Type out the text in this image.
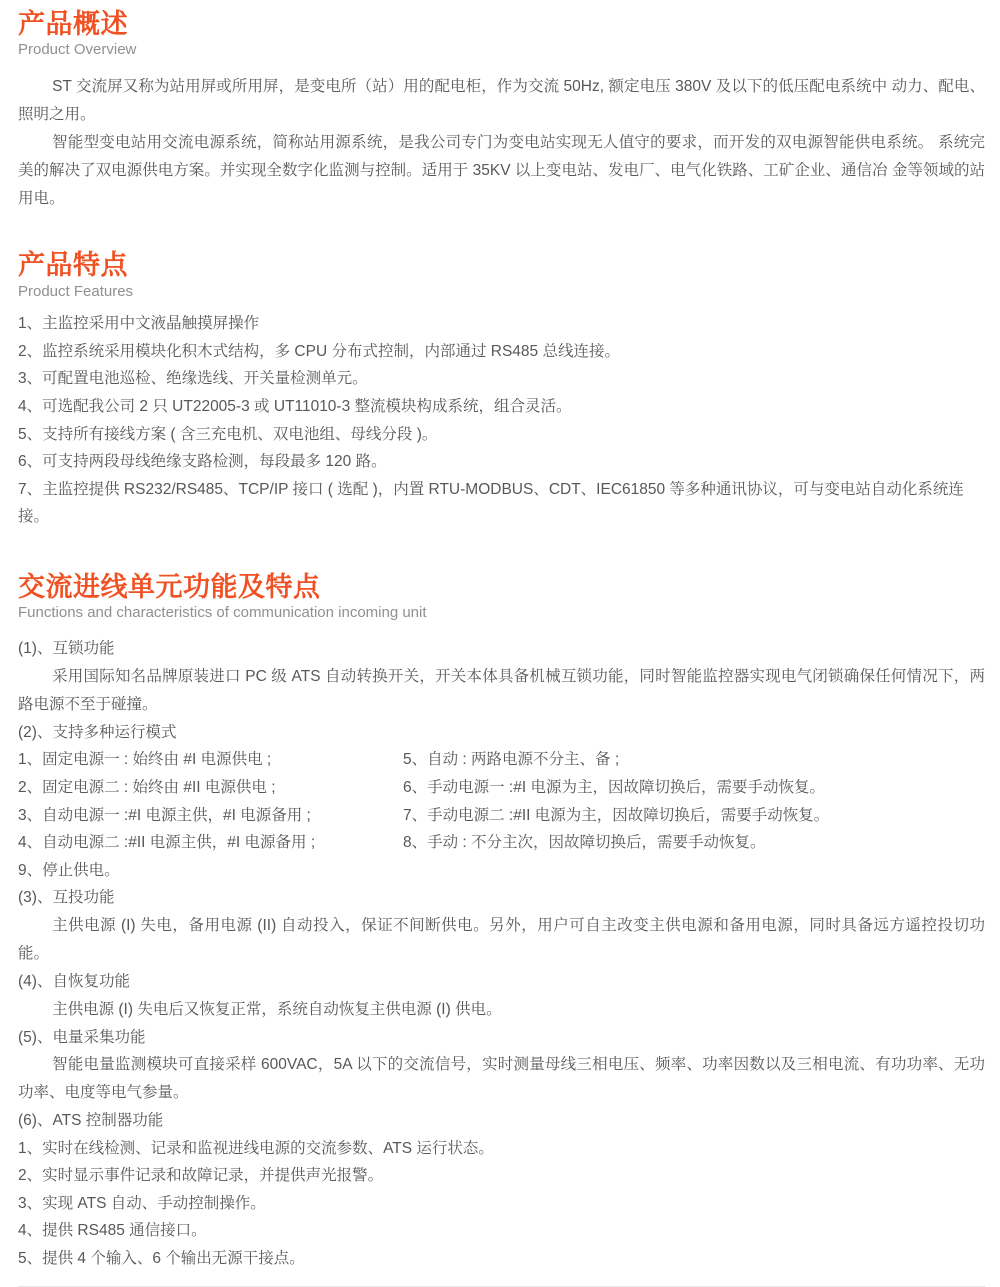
产品概述
Product Overview

ST 交流屏又称为站用屏或所用屏，是变电所（站）用的配电柜，作为交流 50Hz, 额定电压 380V 及以下的低压配电系统中 动力、配电、照明之用。

智能型变电站用交流电源系统，简称站用源系统，是我公司专门为变电站实现无人值守的要求，而开发的双电源智能供电系统。 系统完美的解决了双电源供电方案。并实现全数字化监测与控制。适用于 35KV 以上变电站、发电厂、电气化铁路、工矿企业、通信冶 金等领域的站用电。

产品特点
Product Features
1、主监控采用中文液晶触摸屏操作
2、监控系统采用模块化积木式结构，多 CPU 分布式控制，内部通过 RS485 总线连接。
3、可配置电池巡检、绝缘选线、开关量检测单元。
4、可选配我公司 2 只 UT22005-3 或 UT11010-3 整流模块构成系统，组合灵活。
5、支持所有接线方案 ( 含三充电机、双电池组、母线分段 )。
6、可支持两段母线绝缘支路检测，每段最多 120 路。
7、主监控提供 RS232/RS485、TCP/IP 接口 ( 选配 )，内置 RTU-MODBUS、CDT、IEC61850 等多种通讯协议，可与变电站自动化系统连接。
交流进线单元功能及特点
Functions and characteristics of communication incoming unit
(1)、互锁功能

采用国际知名品牌原装进口 PC 级 ATS 自动转换开关，开关本体具备机械互锁功能，同时智能监控器实现电气闭锁确保任何情况下，两路电源不至于碰撞。

(2)、支持多种运行模式
1、固定电源一 : 始终由 #I 电源供电 ;	5、自动 : 两路电源不分主、备 ;
2、固定电源二 : 始终由 #II 电源供电 ;	6、手动电源一 :#I 电源为主，因故障切换后，需要手动恢复。
3、自动电源一 :#I 电源主供，#I 电源备用 ;	7、手动电源二 :#II 电源为主，因故障切换后，需要手动恢复。
4、自动电源二 :#II 电源主供，#I 电源备用 ;	8、手动 : 不分主次，因故障切换后，需要手动恢复。
9、停止供电。
(3)、互投功能

主供电源 (I) 失电，备用电源 (II) 自动投入，保证不间断供电。另外，用户可自主改变主供电源和备用电源，同时具备远方遥控投切功能。

(4)、自恢复功能

主供电源 (I) 失电后又恢复正常，系统自动恢复主供电源 (I) 供电。

(5)、电量采集功能

智能电量监测模块可直接采样 600VAC，5A 以下的交流信号，实时测量母线三相电压、频率、功率因数以及三相电流、有功功率、无功功率、电度等电气参量。

(6)、ATS 控制器功能
1、实时在线检测、记录和监视进线电源的交流参数、ATS 运行状态。
2、实时显示事件记录和故障记录，并提供声光报警。
3、实现 ATS 自动、手动控制操作。
4、提供 RS485 通信接口。
5、提供 4 个输入、6 个输出无源干接点。
